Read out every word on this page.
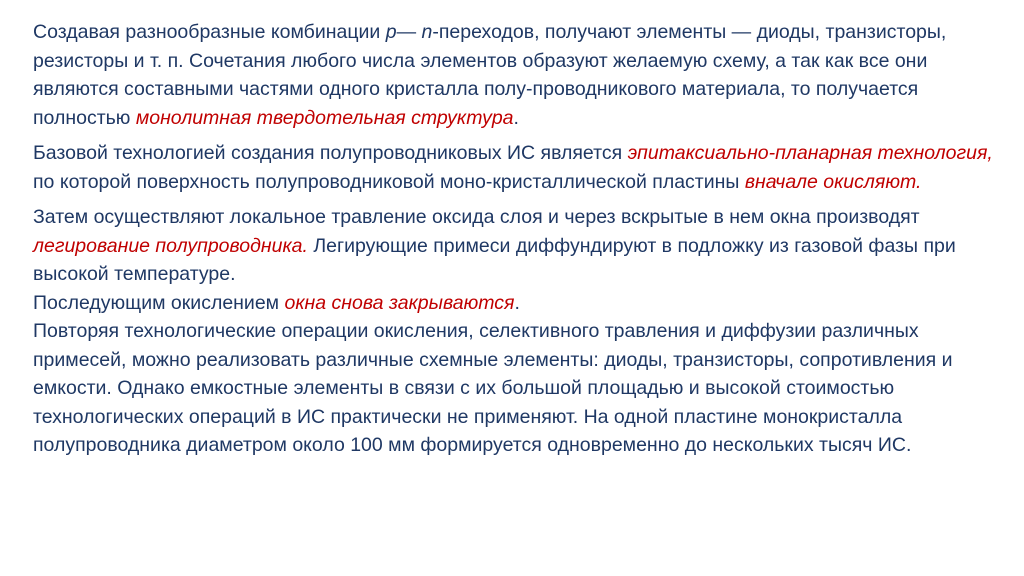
Создавая разнообразные комбинации p— n-переходов, получают элементы — диоды, транзисторы, резисторы и т. п. Сочетания любого числа элементов образуют желаемую схему, а так как все они являются составными частями одного кристалла полу-проводникового материала, то получается полностью монолитная твердотельная структура.

Базовой технологией создания полупроводниковых ИС является эпитаксиально-планарная технология, по которой поверхность полупроводниковой моно-кристаллической пластины вначале окисляют.

Затем осуществляют локальное травление оксида слоя и через вскрытые в нем окна производят легирование полупроводника. Легирующие примеси диффундируют в подложку из газовой фазы при высокой температуре.

Последующим окислением окна снова закрываются.

Повторяя технологические операции окисления, селективного травления и диффузии различных примесей, можно реализовать различные схемные элементы: диоды, транзисторы, сопротивления и емкости. Однако емкостные элементы в связи с их большой площадью и высокой стоимостью технологических операций в ИС практически не применяют. На одной пластине монокристалла полупроводника диаметром около 100 мм формируется одновременно до нескольких тысяч ИС.
